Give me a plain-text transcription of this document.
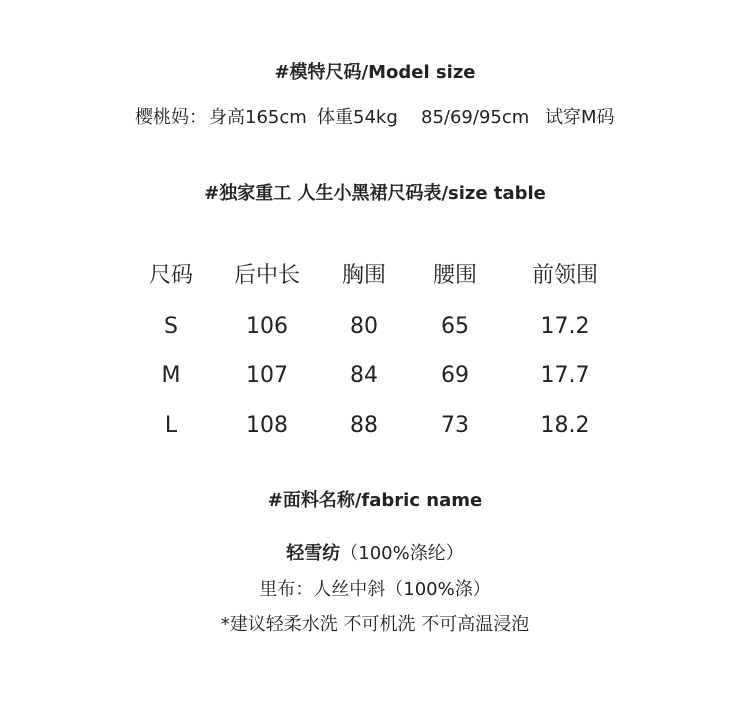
#模特尺码/Model size
樱桃妈： 身高165cm 体重54kg 85/69/95cm 试穿M码
#独家重工 人生小黑裙尺码表/size table
尺码	后中长	胸围	腰围	前领围
S	106	80	65	17.2
M	107	84	69	17.7
L	108	88	73	18.2
#面料名称/fabric name
轻雪纺（100%涤纶）
里布：人丝中斜（100%涤）
*建议轻柔水洗 不可机洗 不可高温浸泡
